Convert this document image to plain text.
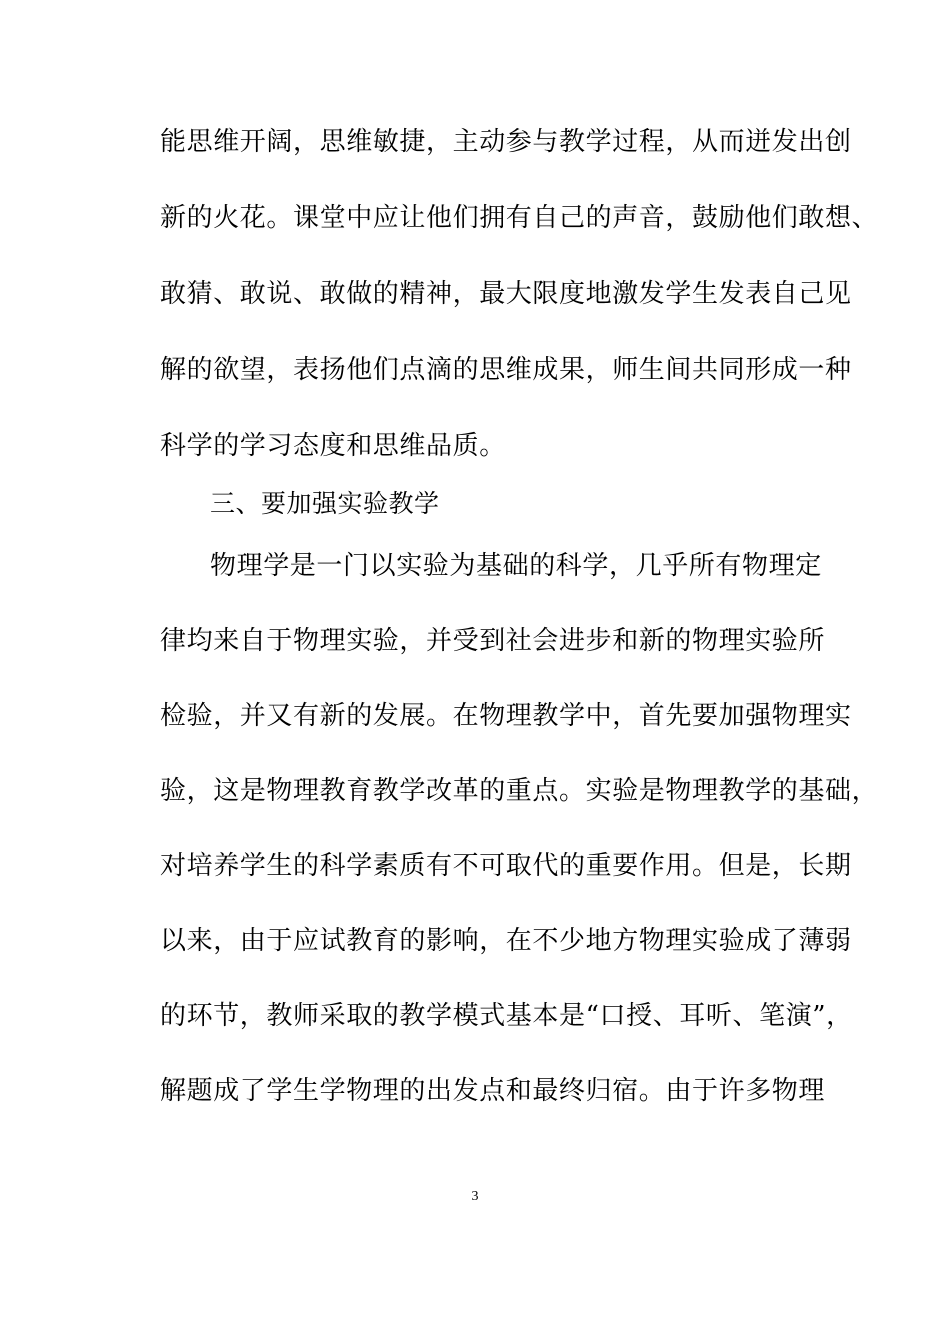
能思维开阔，思维敏捷，主动参与教学过程，从而迸发出创
新的火花。课堂中应让他们拥有自己的声音，鼓励他们敢想、
敢猜、敢说、敢做的精神，最大限度地激发学生发表自己见
解的欲望，表扬他们点滴的思维成果，师生间共同形成一种
科学的学习态度和思维品质。
三、要加强实验教学
物理学是一门以实验为基础的科学，几乎所有物理定
律均来自于物理实验，并受到社会进步和新的物理实验所
检验，并又有新的发展。在物理教学中，首先要加强物理实
验，这是物理教育教学改革的重点。实验是物理教学的基础，
对培养学生的科学素质有不可取代的重要作用。但是，长期
以来，由于应试教育的影响，在不少地方物理实验成了薄弱
的环节，教师采取的教学模式基本是“口授、耳听、笔演”，
解题成了学生学物理的出发点和最终归宿。由于许多物理
3
